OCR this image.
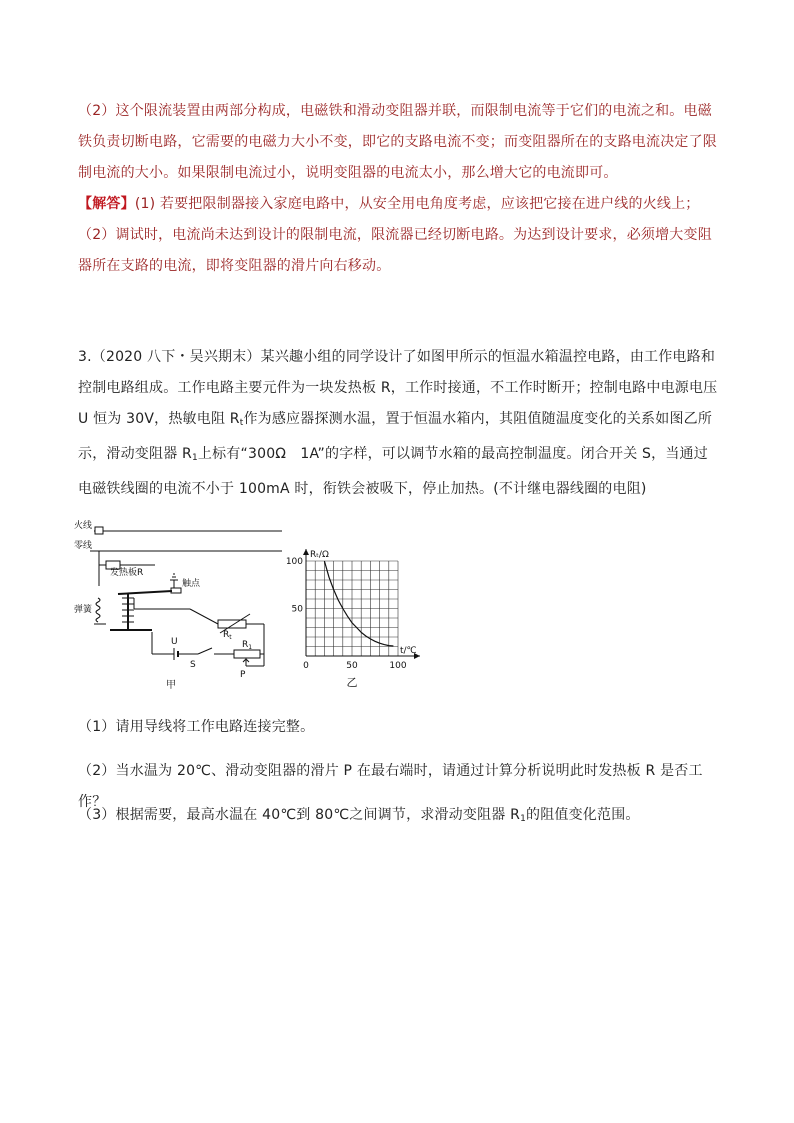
（2）这个限流装置由两部分构成，电磁铁和滑动变阻器并联，而限制电流等于它们的电流之和。电磁铁负责切断电路，它需要的电磁力大小不变，即它的支路电流不变；而变阻器所在的支路电流决定了限制电流的大小。如果限制电流过小，说明变阻器的电流太小，那么增大它的电流即可。
【解答】(1) 若要把限制器接入家庭电路中，从安全用电角度考虑，应该把它接在进户线的火线上；
（2）调试时，电流尚未达到设计的限制电流，限流器已经切断电路。为达到设计要求，必须增大变阻器所在支路的电流，即将变阻器的滑片向右移动。
3.（2020 八下・吴兴期末）某兴趣小组的同学设计了如图甲所示的恒温水箱温控电路，由工作电路和控制电路组成。工作电路主要元件为一块发热板 R，工作时接通，不工作时断开；控制电路中电源电压 U 恒为 30V，热敏电阻 $R_t$作为感应器探测水温，置于恒温水箱内，其阻值随温度变化的关系如图乙所示，滑动变阻器 $R_1$上标有“300Ω　1A”的字样，可以调节水箱的最高控制温度。闭合开关 S，当通过电磁铁线圈的电流不小于 100mA 时，衔铁会被吸下，停止加热。(不计继电器线圈的电阻)
火线
零线
发热板R
触点
弹簧
U
S
$R_t$
$R_1$
P
甲
0	50	100
100
50
Rₜ/Ω
t/℃
乙
（1）请用导线将工作电路连接完整。
（2）当水温为 20℃、滑动变阻器的滑片 P 在最右端时，请通过计算分析说明此时发热板 R 是否工作？
（3）根据需要，最高水温在 40℃到 80℃之间调节，求滑动变阻器 $R_1$的阻值变化范围。
